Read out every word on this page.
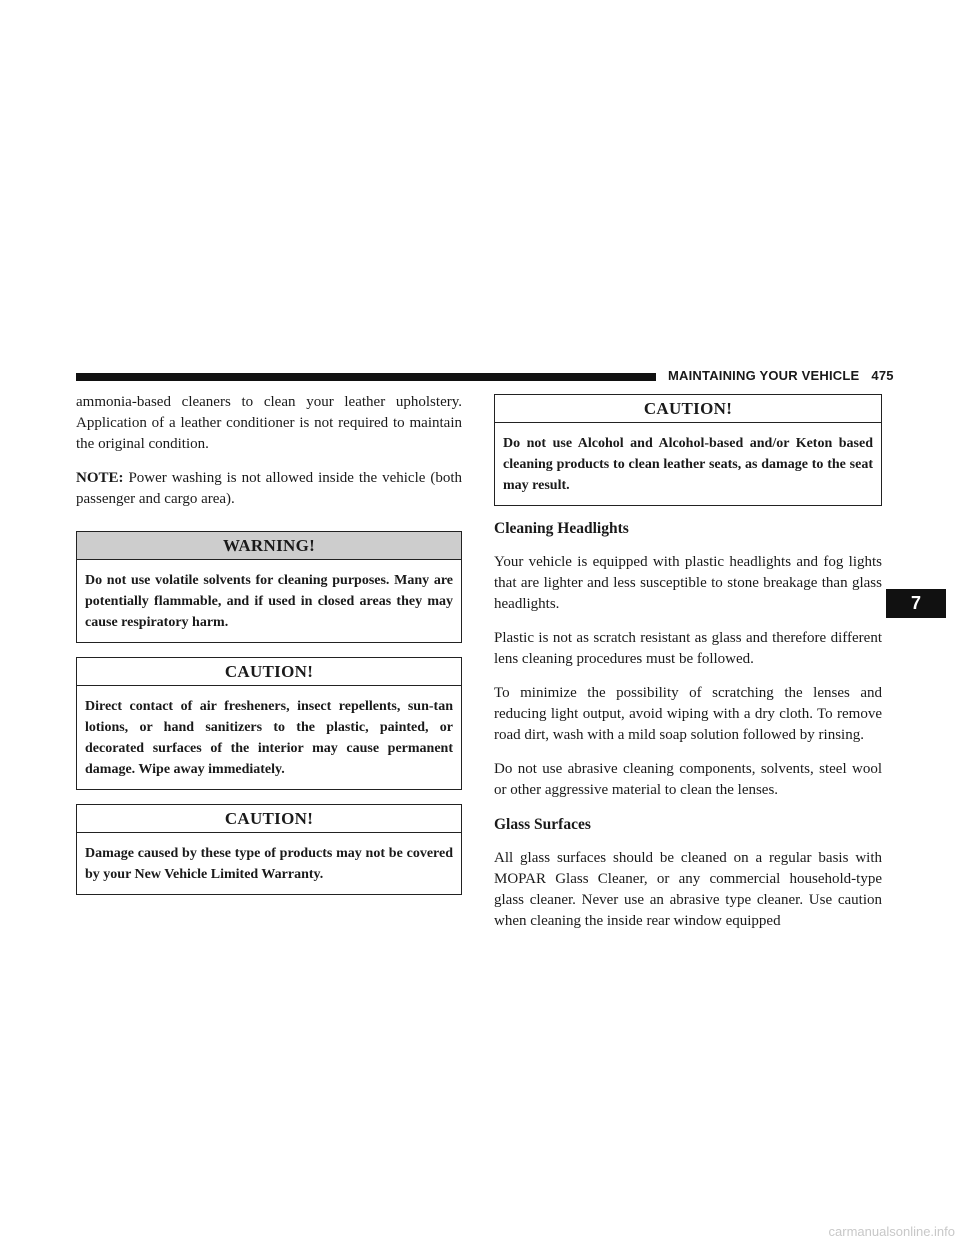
MAINTAINING YOUR VEHICLE 475

ammonia-based cleaners to clean your leather upholstery. Application of a leather conditioner is not required to maintain the original condition.

NOTE: Power washing is not allowed inside the vehicle (both passenger and cargo area).

WARNING!
Do not use volatile solvents for cleaning purposes. Many are potentially flammable, and if used in closed areas they may cause respiratory harm.
CAUTION!
Direct contact of air fresheners, insect repellents, sun-tan lotions, or hand sanitizers to the plastic, painted, or decorated surfaces of the interior may cause permanent damage. Wipe away immediately.
CAUTION!
Damage caused by these type of products may not be covered by your New Vehicle Limited Warranty.
CAUTION!
Do not use Alcohol and Alcohol-based and/or Keton based cleaning products to clean leather seats, as damage to the seat may result.
Cleaning Headlights

Your vehicle is equipped with plastic headlights and fog lights that are lighter and less susceptible to stone breakage than glass headlights.

Plastic is not as scratch resistant as glass and therefore different lens cleaning procedures must be followed.

To minimize the possibility of scratching the lenses and reducing light output, avoid wiping with a dry cloth. To remove road dirt, wash with a mild soap solution followed by rinsing.

Do not use abrasive cleaning components, solvents, steel wool or other aggressive material to clean the lenses.

Glass Surfaces

All glass surfaces should be cleaned on a regular basis with MOPAR Glass Cleaner, or any commercial household-type glass cleaner. Never use an abrasive type cleaner. Use caution when cleaning the inside rear window equipped

7
carmanualsonline.info
